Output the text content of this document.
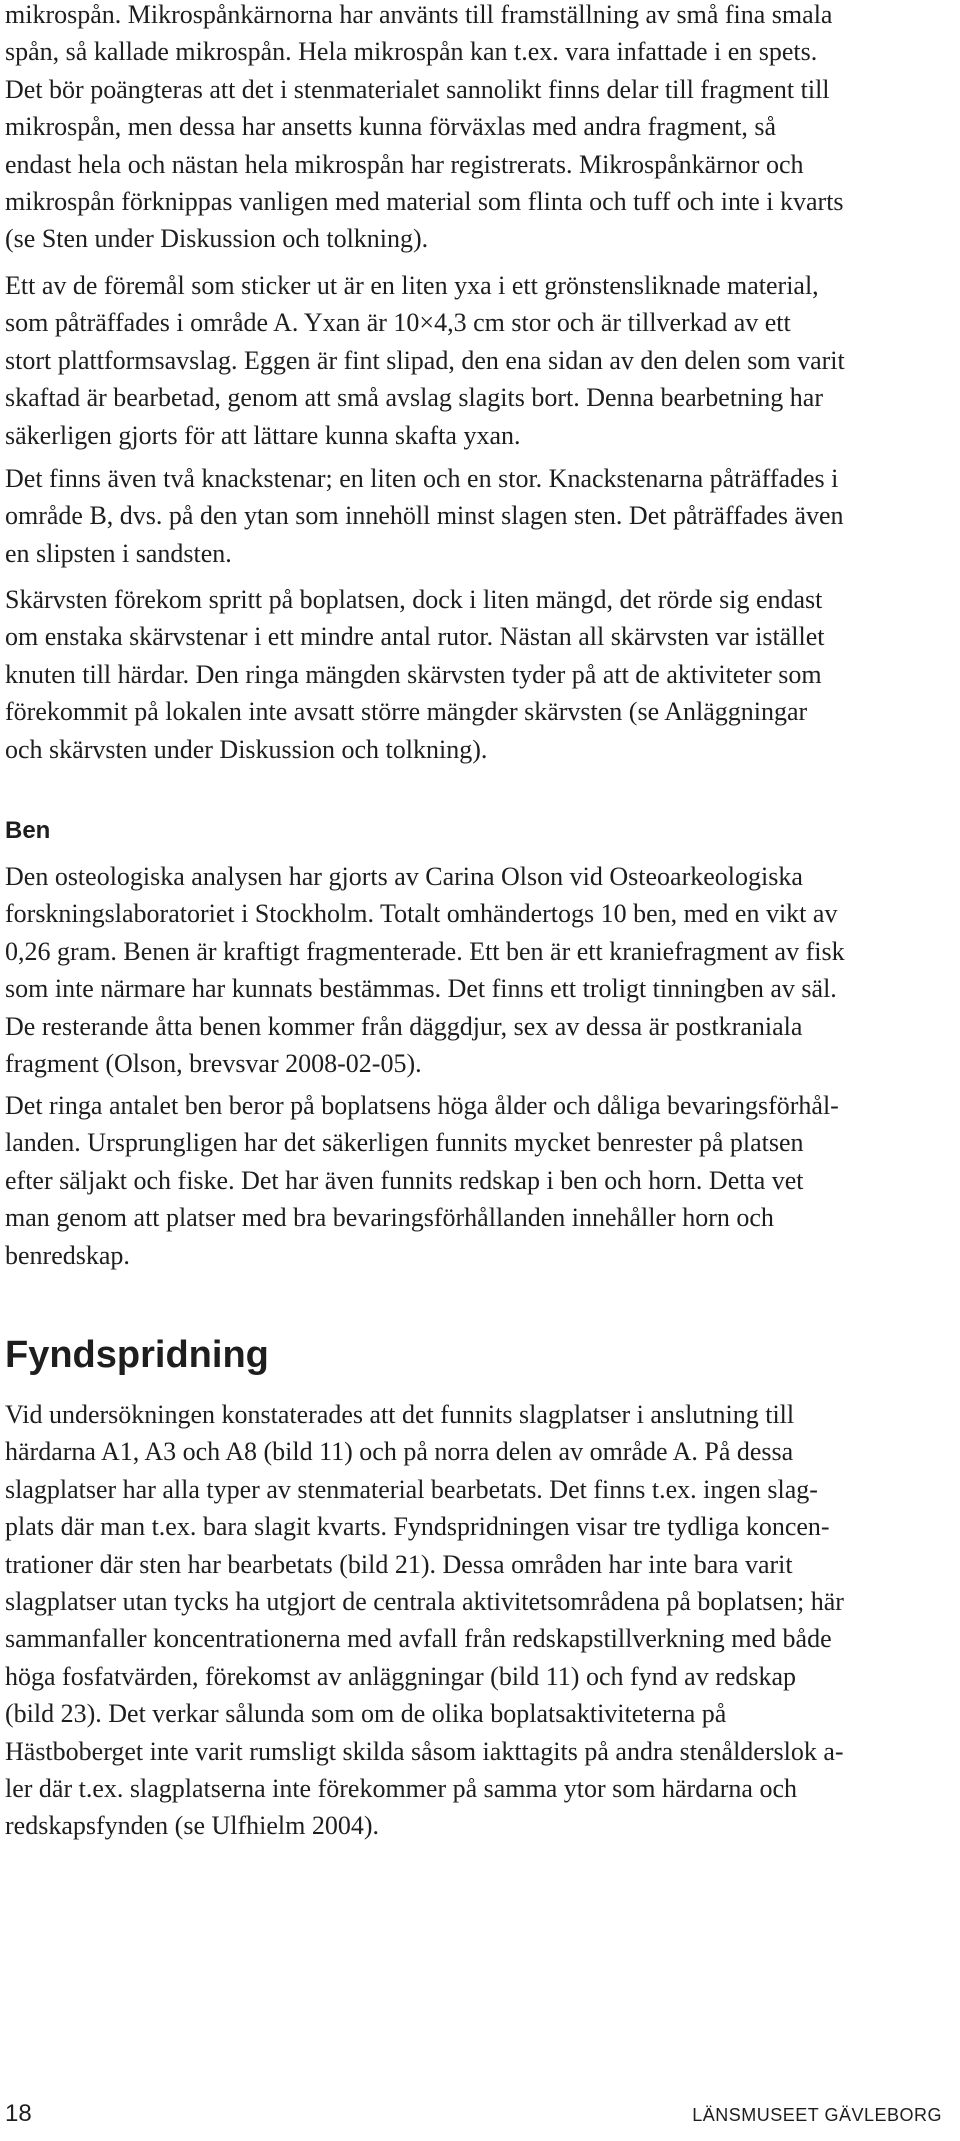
mikrospån. Mikrospånkärnorna har använts till framställning av små fina smala
spån, så kallade mikrospån. Hela mikrospån kan t.ex. vara infattade i en spets.
Det bör poängteras att det i stenmaterialet sannolikt finns delar till fragment till
mikrospån, men dessa har ansetts kunna förväxlas med andra fragment, så
endast hela och nästan hela mikrospån har registrerats. Mikrospånkärnor och
mikrospån förknippas vanligen med material som flinta och tuff och inte i kvarts
(se Sten under Diskussion och tolkning).

Ett av de föremål som sticker ut är en liten yxa i ett grönstensliknade material,
som påträffades i område A. Yxan är 10×4,3 cm stor och är tillverkad av ett
stort plattformsavslag. Eggen är fint slipad, den ena sidan av den delen som varit
skaftad är bearbetad, genom att små avslag slagits bort. Denna bearbetning har
säkerligen gjorts för att lättare kunna skafta yxan.

Det finns även två knackstenar; en liten och en stor. Knackstenarna påträffades i
område B, dvs. på den ytan som innehöll minst slagen sten. Det påträffades även
en slipsten i sandsten.

Skärvsten förekom spritt på boplatsen, dock i liten mängd, det rörde sig endast
om enstaka skärvstenar i ett mindre antal rutor. Nästan all skärvsten var istället
knuten till härdar. Den ringa mängden skärvsten tyder på att de aktiviteter som
förekommit på lokalen inte avsatt större mängder skärvsten (se Anläggningar
och skärvsten under Diskussion och tolkning).

Ben

Den osteologiska analysen har gjorts av Carina Olson vid Osteoarkeologiska
forskningslaboratoriet i Stockholm. Totalt omhändertogs 10 ben, med en vikt av
0,26 gram. Benen är kraftigt fragmenterade. Ett ben är ett kraniefragment av fisk
som inte närmare har kunnats bestämmas. Det finns ett troligt tinningben av säl.
De resterande åtta benen kommer från däggdjur, sex av dessa är postkraniala
fragment (Olson, brevsvar 2008-02-05).

Det ringa antalet ben beror på boplatsens höga ålder och dåliga bevaringsförhål-
landen. Ursprungligen har det säkerligen funnits mycket benrester på platsen
efter säljakt och fiske. Det har även funnits redskap i ben och horn. Detta vet
man genom att platser med bra bevaringsförhållanden innehåller horn och
benredskap.

Fyndspridning

Vid undersökningen konstaterades att det funnits slagplatser i anslutning till
härdarna A1, A3 och A8 (bild 11) och på norra delen av område A. På dessa
slagplatser har alla typer av stenmaterial bearbetats. Det finns t.ex. ingen slag-
plats där man t.ex. bara slagit kvarts. Fyndspridningen visar tre tydliga koncen-
trationer där sten har bearbetats (bild 21). Dessa områden har inte bara varit
slagplatser utan tycks ha utgjort de centrala aktivitetsområdena på boplatsen; här
sammanfaller koncentrationerna med avfall från redskapstillverkning med både
höga fosfatvärden, förekomst av anläggningar (bild 11) och fynd av redskap
(bild 23). Det verkar sålunda som om de olika boplatsaktiviteterna på
Hästboberget inte varit rumsligt skilda såsom iakttagits på andra stenålderslok a-
ler där t.ex. slagplatserna inte förekommer på samma ytor som härdarna och
redskapsfynden (se Ulfhielm 2004).

18	LÄNSMUSEET GÄVLEBORG
